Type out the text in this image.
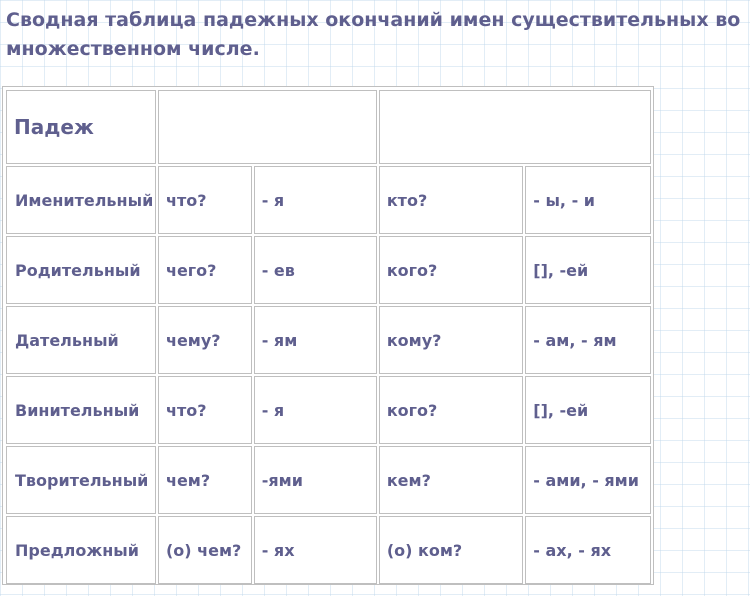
Сводная таблица падежных окончаний имен существительных во множественном числе.
Падеж				
Именительный	что?	- я	кто?	- ы, - и
Родительный	чего?	- ев	кого?	[], -ей
Дательный	чему?	- ям	кому?	- ам, - ям
Винительный	что?	- я	кого?	[], -ей
Творительный	чем?	-ями	кем?	- ами, - ями
Предложный	(о) чем?	- ях	(о) ком?	- ах, - ях
